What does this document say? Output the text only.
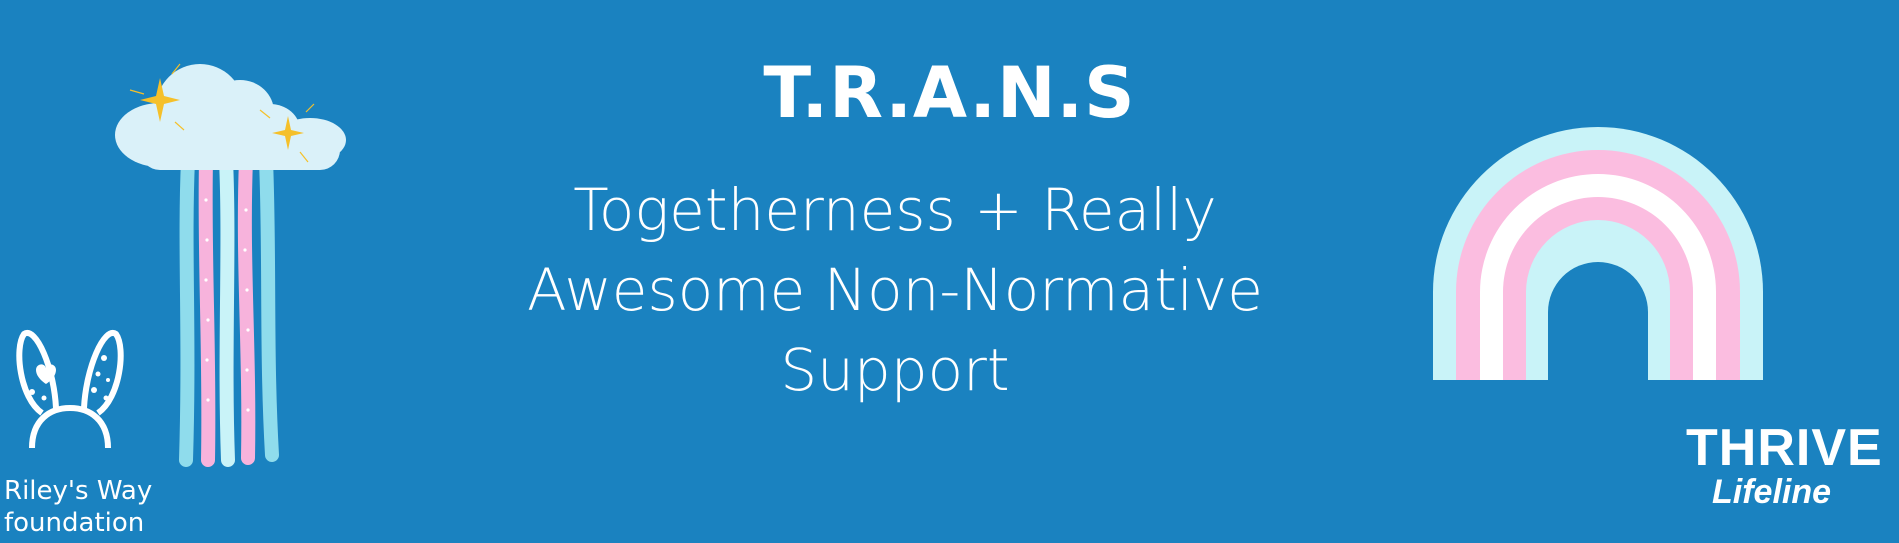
T.R.A.N.S
Togetherness + Really
Awesome Non-Normative
Support
Riley's Way
foundation
THRIVE
Lifeline
